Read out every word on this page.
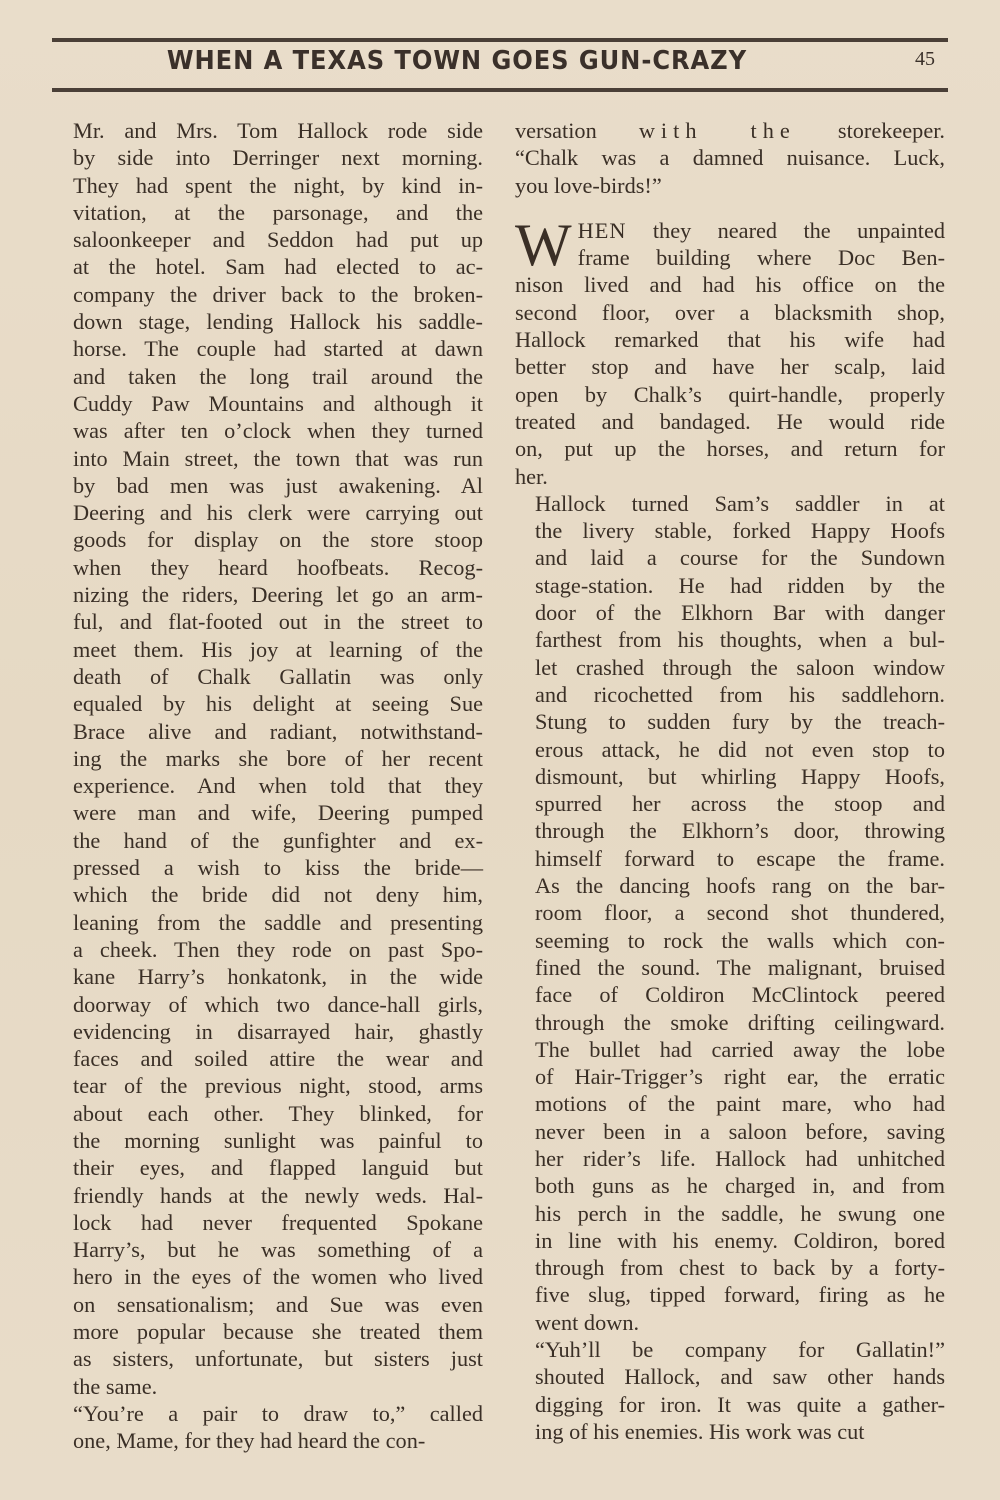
WHEN A TEXAS TOWN GOES GUN-CRAZY	45

Mr. and Mrs. Tom Hallock rode side
by side into Derringer next morning.
They had spent the night, by kind in-
vitation, at the parsonage, and the
saloonkeeper and Seddon had put up
at the hotel. Sam had elected to ac-
company the driver back to the broken-
down stage, lending Hallock his saddle-
horse. The couple had started at dawn
and taken the long trail around the
Cuddy Paw Mountains and although it
was after ten o’clock when they turned
into Main street, the town that was run
by bad men was just awakening. Al
Deering and his clerk were carrying out
goods for display on the store stoop
when they heard hoofbeats. Recog-
nizing the riders, Deering let go an arm-
ful, and flat-footed out in the street to
meet them. His joy at learning of the
death of Chalk Gallatin was only
equaled by his delight at seeing Sue
Brace alive and radiant, notwithstand-
ing the marks she bore of her recent
experience. And when told that they
were man and wife, Deering pumped
the hand of the gunfighter and ex-
pressed a wish to kiss the bride—
which the bride did not deny him,
leaning from the saddle and presenting
a cheek. Then they rode on past Spo-
kane Harry’s honkatonk, in the wide
doorway of which two dance-hall girls,
evidencing in disarrayed hair, ghastly
faces and soiled attire the wear and
tear of the previous night, stood, arms
about each other. They blinked, for
the morning sunlight was painful to
their eyes, and flapped languid but
friendly hands at the newly weds. Hal-
lock had never frequented Spokane
Harry’s, but he was something of a
hero in the eyes of the women who lived
on sensationalism; and Sue was even
more popular because she treated them
as sisters, unfortunate, but sisters just
the same.

“You’re a pair to draw to,” called
one, Mame, for they had heard the con-

versation with the storekeeper.
“Chalk was a damned nuisance. Luck,
you love-birds!”

W HEN they neared the unpainted
frame building where Doc Ben-
nison lived and had his office on the
second floor, over a blacksmith shop,
Hallock remarked that his wife had
better stop and have her scalp, laid
open by Chalk’s quirt-handle, properly
treated and bandaged. He would ride
on, put up the horses, and return for
her.

Hallock turned Sam’s saddler in at
the livery stable, forked Happy Hoofs
and laid a course for the Sundown
stage-station. He had ridden by the
door of the Elkhorn Bar with danger
farthest from his thoughts, when a bul-
let crashed through the saloon window
and ricochetted from his saddlehorn.
Stung to sudden fury by the treach-
erous attack, he did not even stop to
dismount, but whirling Happy Hoofs,
spurred her across the stoop and
through the Elkhorn’s door, throwing
himself forward to escape the frame.
As the dancing hoofs rang on the bar-
room floor, a second shot thundered,
seeming to rock the walls which con-
fined the sound. The malignant, bruised
face of Coldiron McClintock peered
through the smoke drifting ceilingward.
The bullet had carried away the lobe
of Hair-Trigger’s right ear, the erratic
motions of the paint mare, who had
never been in a saloon before, saving
her rider’s life. Hallock had unhitched
both guns as he charged in, and from
his perch in the saddle, he swung one
in line with his enemy. Coldiron, bored
through from chest to back by a forty-
five slug, tipped forward, firing as he
went down.

“Yuh’ll be company for Gallatin!”
shouted Hallock, and saw other hands
digging for iron. It was quite a gather-
ing of his enemies. His work was cut
